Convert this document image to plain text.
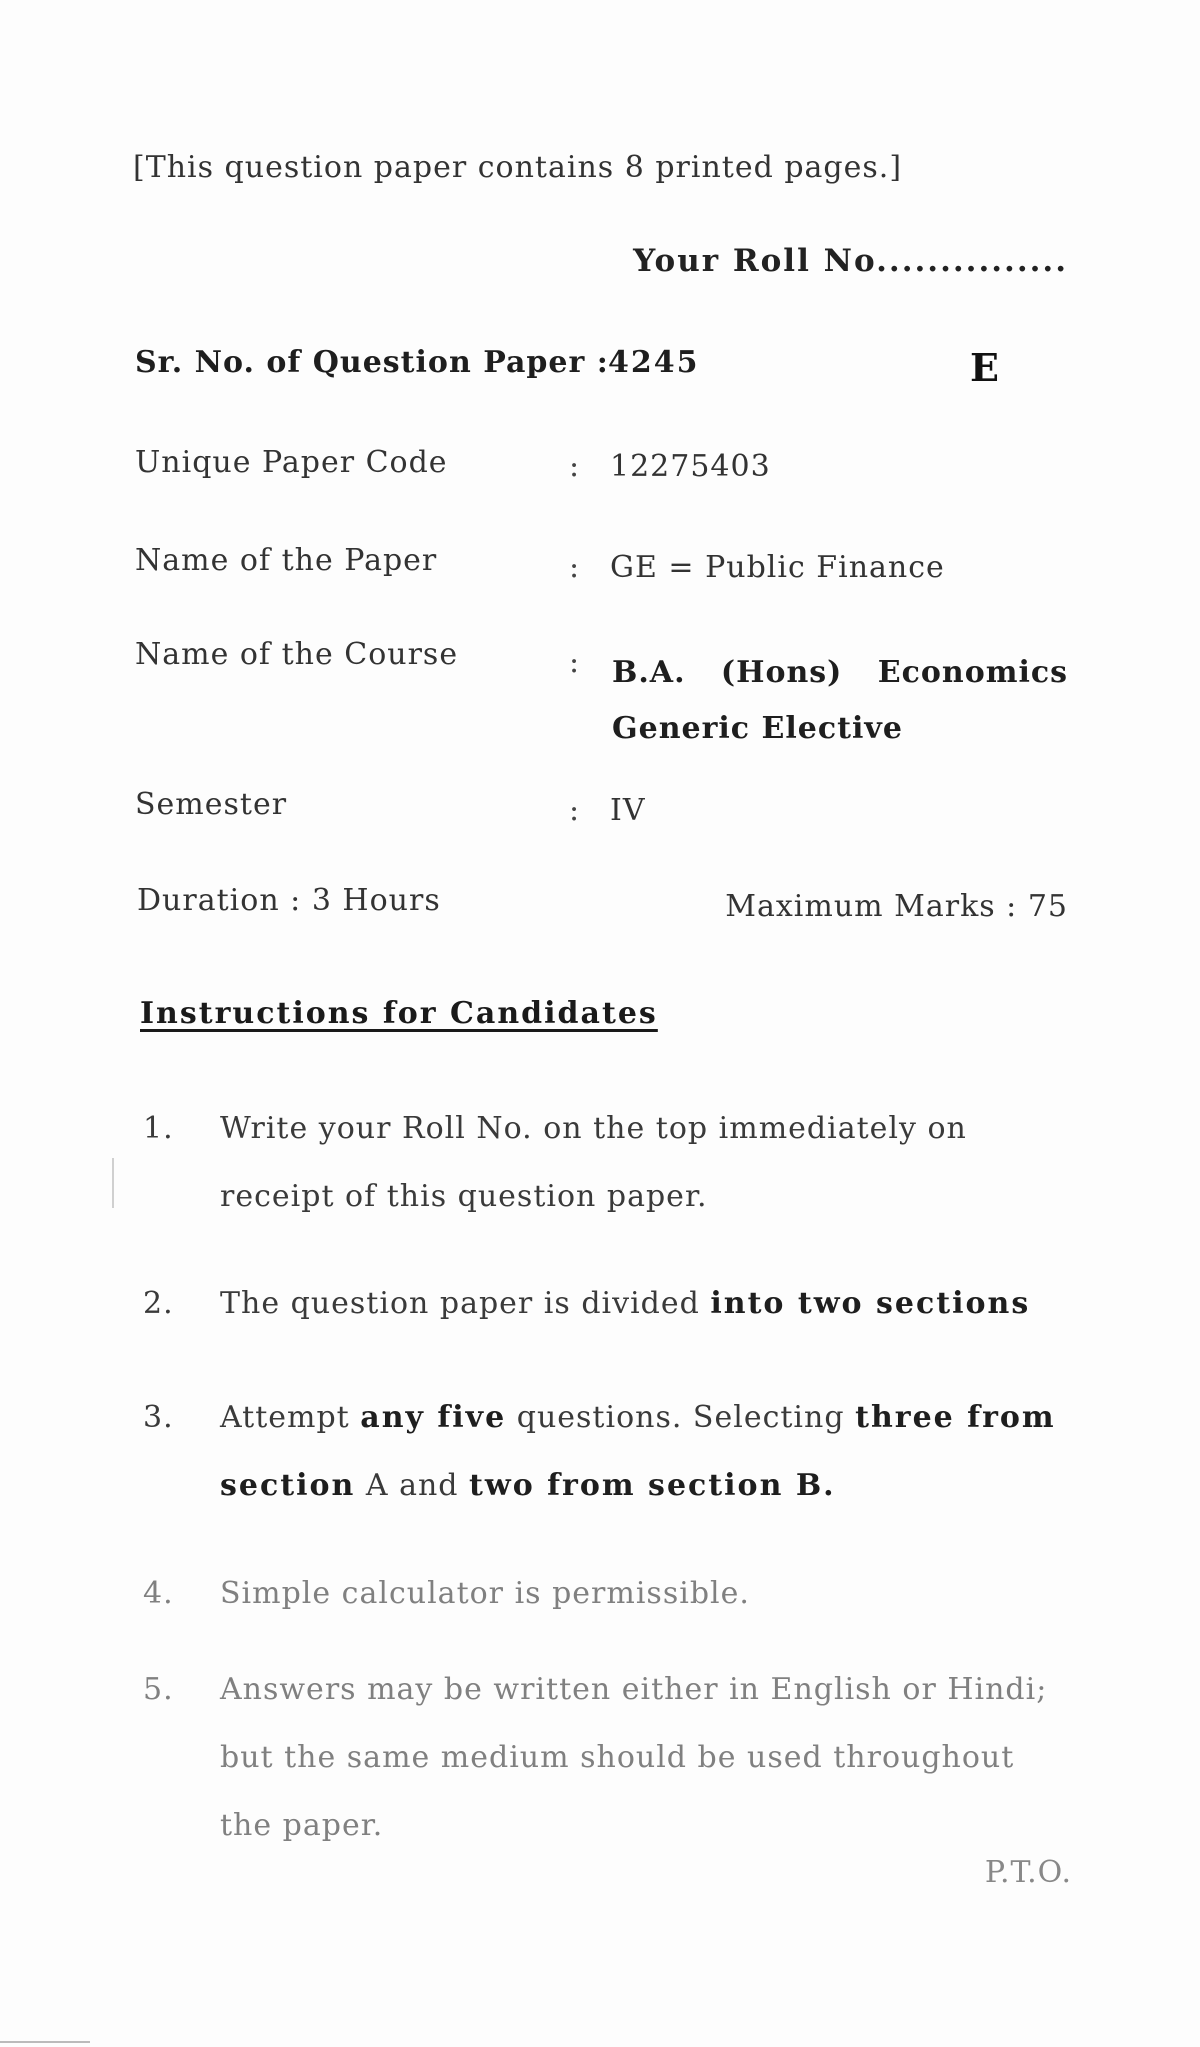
[This question paper contains 8 printed pages.]
Your Roll No...............
Sr. No. of Question Paper : 4245	E
Unique Paper Code	: 12275403
Name of the Paper	: GE = Public Finance
Name of the Course	: B.A. (Hons) Economics
Generic Elective
Semester	: IV
Duration : 3 Hours	Maximum Marks : 75
Instructions for Candidates
1. Write your Roll No. on the top immediately on receipt of this question paper.
2. The question paper is divided into two sections
3. Attempt any five questions. Selecting three from section A and two from section B.
4. Simple calculator is permissible.
5. Answers may be written either in English or Hindi; but the same medium should be used throughout the paper.
P.T.O.
